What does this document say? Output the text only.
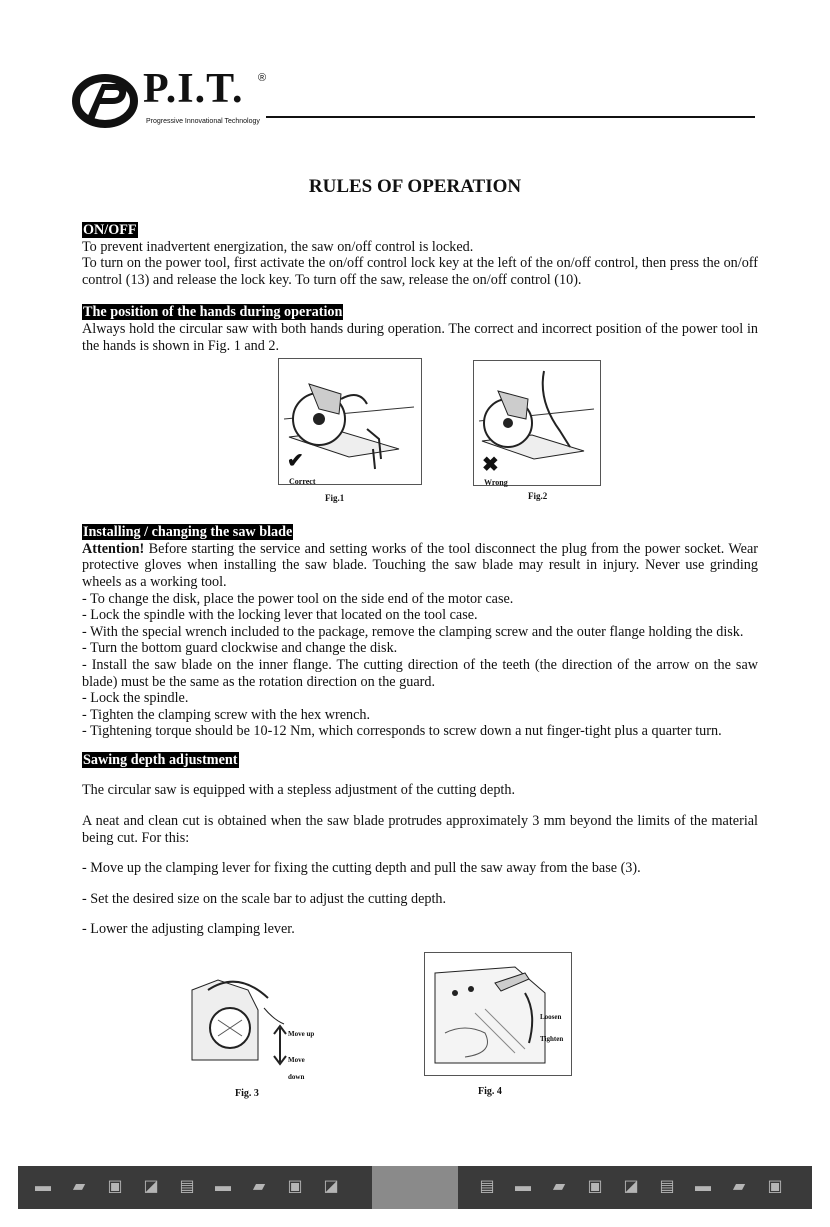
P.I.T. ®
Progressive Innovational Technology
RULES OF OPERATION
ON/OFF

To prevent inadvertent energization, the saw on/off control is locked.

To turn on the power tool, first activate the on/off control lock key at the left of the on/off control, then press the on/off control (13) and release the lock key. To turn off the saw, release the on/off control (10).

The position of the hands during operation

Always hold the circular saw with both hands during operation. The correct and incorrect position of the power tool in the hands is shown in Fig. 1 and 2.

✔
Correct
Fig.1
✖
Wrong
Fig.2
Installing / changing the saw blade

Attention! Before starting the service and setting works of the tool disconnect the plug from the power socket. Wear protective gloves when installing the saw blade. Touching the saw blade may result in injury. Never use grinding wheels as a working tool.

- To change the disk, place the power tool on the side end of the motor case.

- Lock the spindle with the locking lever that located on the tool case.

- With the special wrench included to the package, remove the clamping screw and the outer flange holding the disk.

- Turn the bottom guard clockwise and change the disk.

- Install the saw blade on the inner flange. The cutting direction of the teeth (the direction of the arrow on the saw blade) must be the same as the rotation direction on the guard.

- Lock the spindle.

- Tighten the clamping screw with the hex wrench.

- Tightening torque should be 10-12 Nm, which corresponds to screw down a nut finger-tight plus a quarter turn.

Sawing depth adjustment

The circular saw is equipped with a stepless adjustment of the cutting depth.

A neat and clean cut is obtained when the saw blade protrudes approximately 3 mm beyond the limits of the material being cut. For this:

- Move up the clamping lever for fixing the cutting depth and pull the saw away from the base (3).

- Set the desired size on the scale bar to adjust the cutting depth.

- Lower the adjusting clamping lever.

Move up
Move down
Fig. 3
Loosen
Tighten
Fig. 4
▬	▰	▣ ◪ ▤ ▬	▰	▣ ◪	▤ ▬	▰	▣ ◪ ▤ ▬	▰	▣
